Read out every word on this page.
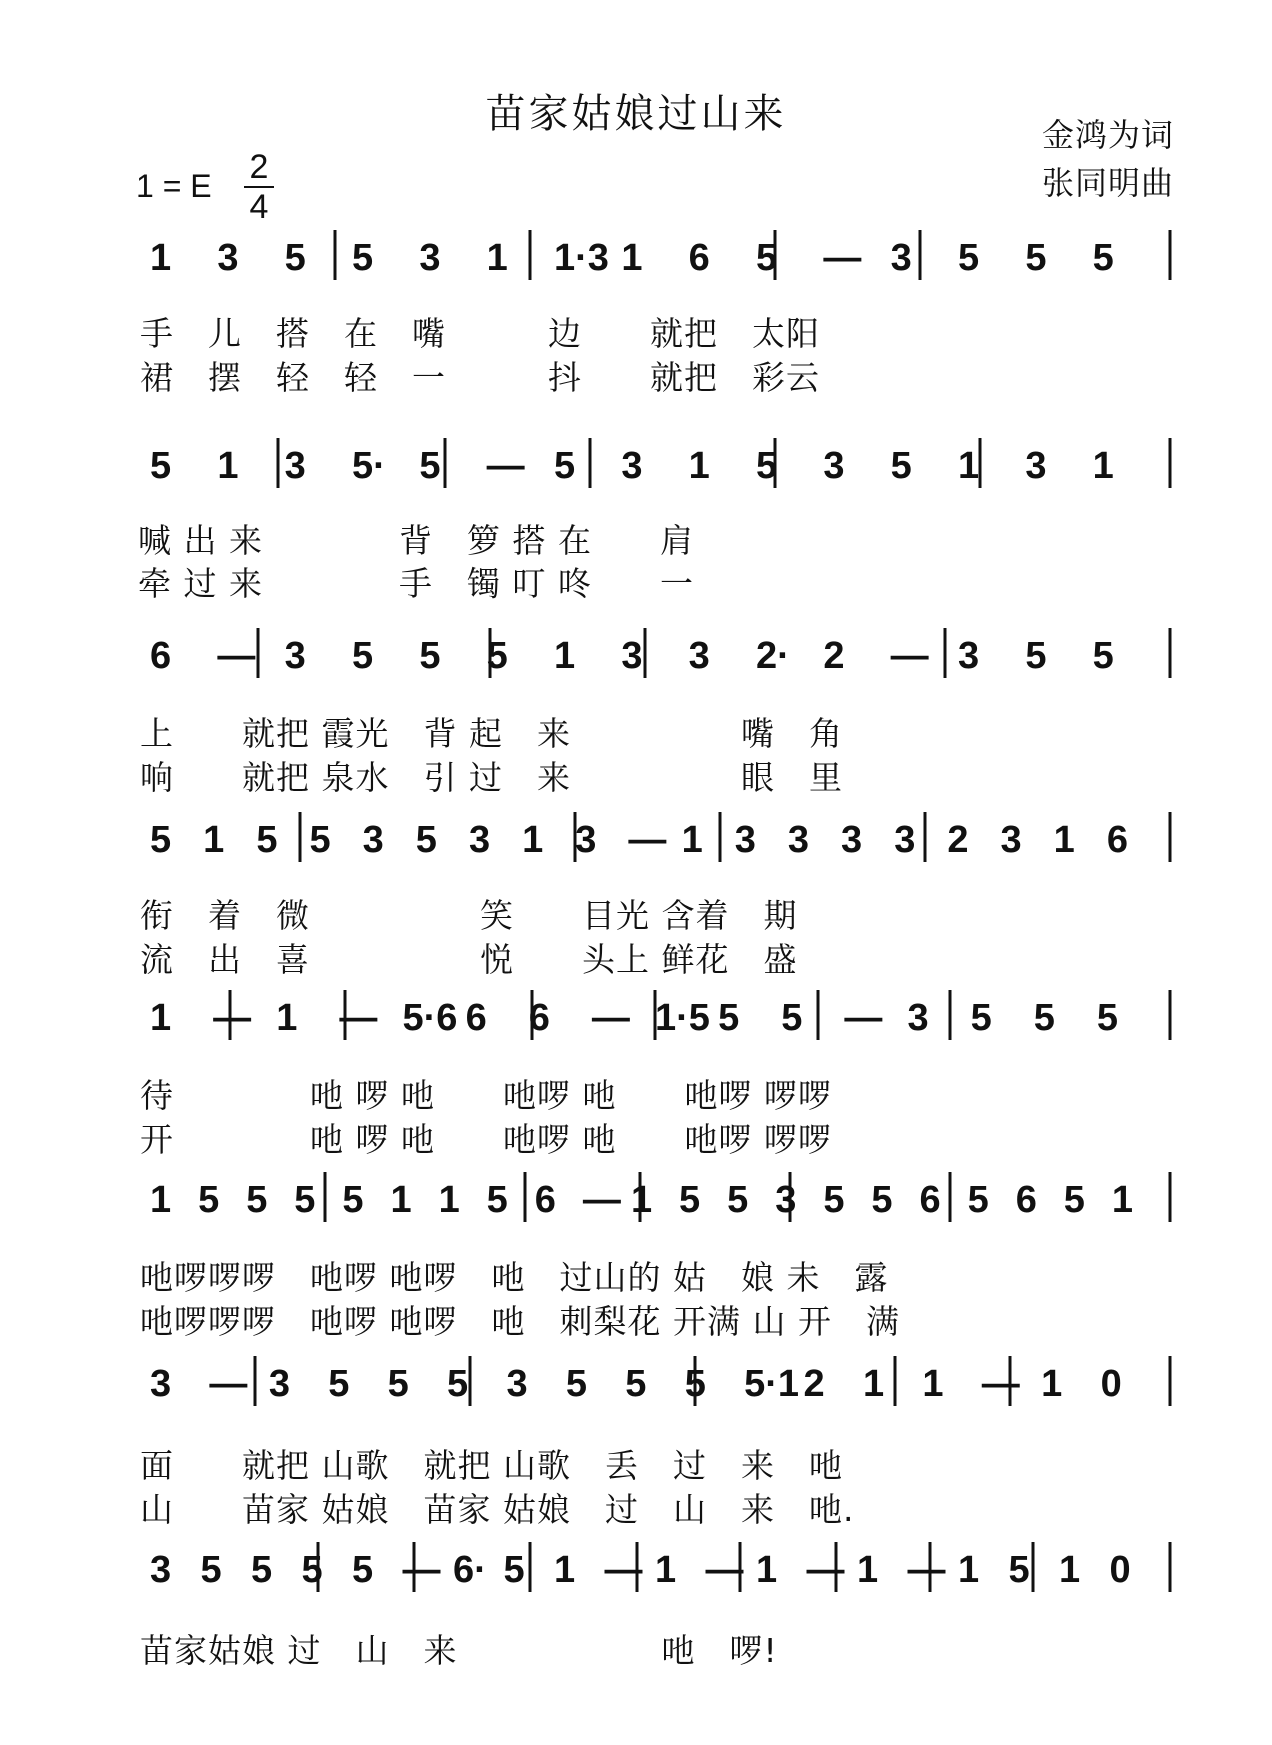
苗家姑娘过山来	金鸿为词
张同明曲
1 = E 2
4
1 3 5 5 3 1 1·3 1 6 5 — 3 5 5 5
5 1 3 5· 5 — 5 3 1 5 3 5 1 3 1
6 — 3 5 5 5 1 3 3 2· 2 — 3 5 5
5 1 5 5 3 5 3 1 3 — 1 3 3 3 3 2 3 1 6
1 — 1 — 5·6 6 6 — 1·5 5 5 — 3 5 5 5
1 5 5 5 5 1 1 5 6 — 1 5 5 3 5 5 6 5 6 5 1
3 — 3 5 5 5 3 5 5 5 5·1 2 1 1 — 1 0
3 5 5 5 5 — 6· 5 1 — 1 — 1 — 1 — 1 5 1 0
手　儿　搭　在　嘴　　　边　　就把　太阳
裙　摆　轻　轻　一　　　抖　　就把　彩云
喊 出 来　　　　背　箩 搭 在　　肩
牵 过 来　　　　手　镯 叮 咚　　一
上　　就把 霞光　背 起　来　　　　　嘴　角
响　　就把 泉水　引 过　来　　　　　眼　里
衔　着　微　　　　　笑　　目光 含着　期
流　出　喜　　　　　悦　　头上 鲜花　盛
待　　　　吔 啰 吔　　吔啰 吔　　吔啰 啰啰
开　　　　吔 啰 吔　　吔啰 吔　　吔啰 啰啰
吔啰啰啰　吔啰 吔啰　吔　过山的 姑　娘 未　露
吔啰啰啰　吔啰 吔啰　吔　刺梨花 开满 山 开　满
面　　就把 山歌　就把 山歌　丢　过　来　吔
山　　苗家 姑娘　苗家 姑娘　过　山　来　吔.
苗家姑娘 过　山　来　　　　　　吔　啰!
